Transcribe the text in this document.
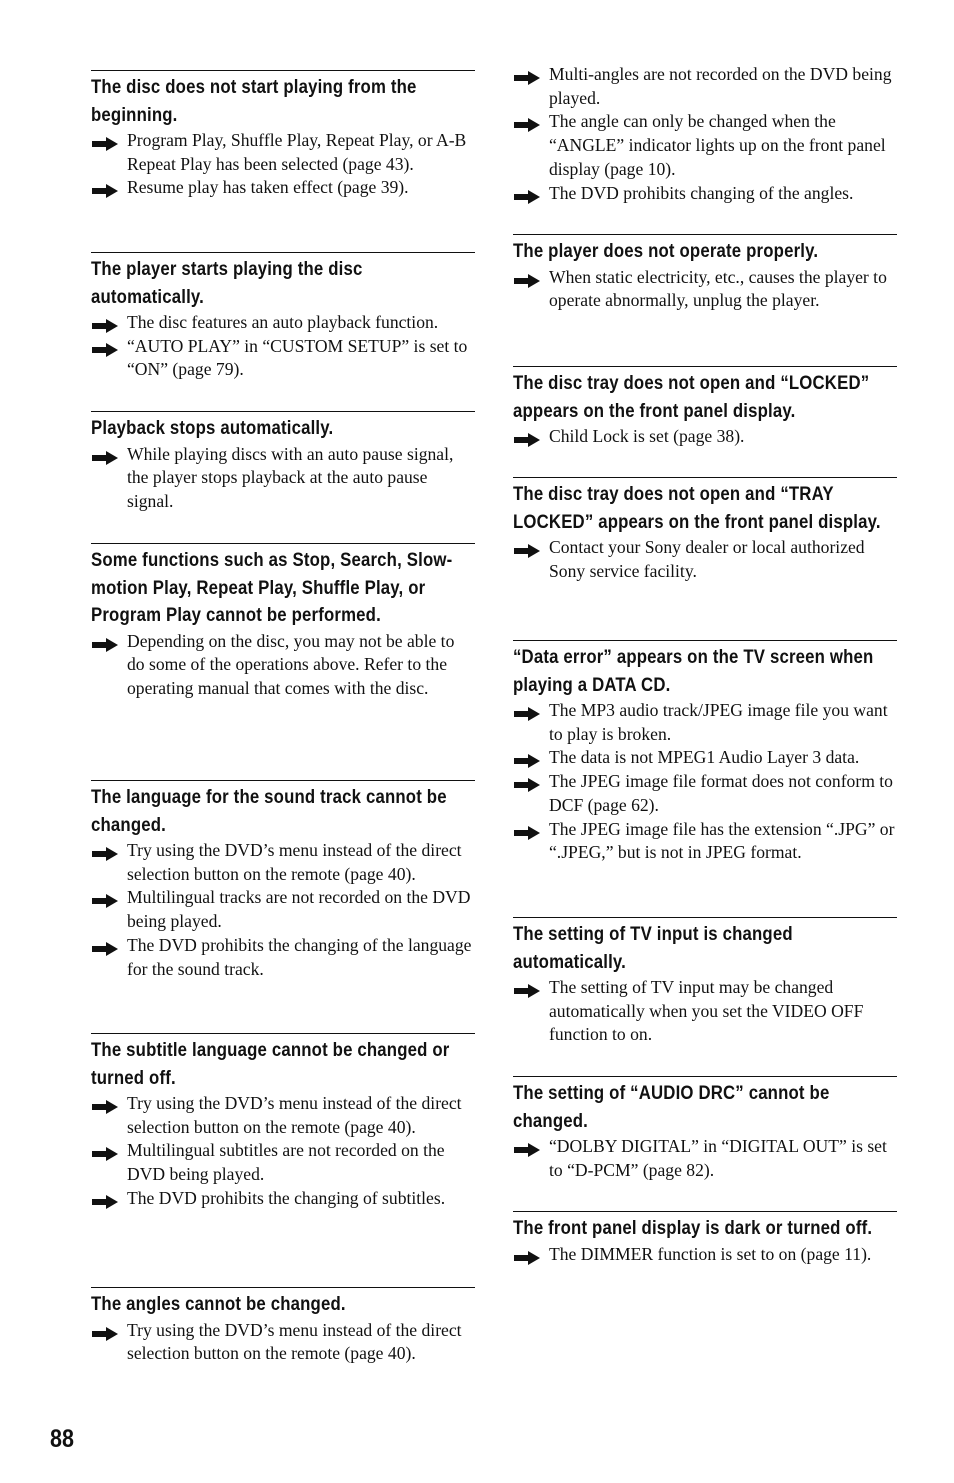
The disc does not start playing from the beginning.
Program Play, Shuffle Play, Repeat Play, or A-B Repeat Play has been selected (page 43).
Resume play has taken effect (page 39).
The player starts playing the disc automatically.
The disc features an auto playback function.
“AUTO PLAY” in “CUSTOM SETUP” is set to “ON” (page 79).
Playback stops automatically.
While playing discs with an auto pause signal, the player stops playback at the auto pause signal.
Some functions such as Stop, Search, Slow-motion Play, Repeat Play, Shuffle Play, or Program Play cannot be performed.
Depending on the disc, you may not be able to do some of the operations above. Refer to the operating manual that comes with the disc.
The language for the sound track cannot be changed.
Try using the DVD’s menu instead of the direct selection button on the remote (page 40).
Multilingual tracks are not recorded on the DVD being played.
The DVD prohibits the changing of the language for the sound track.
The subtitle language cannot be changed or turned off.
Try using the DVD’s menu instead of the direct selection button on the remote (page 40).
Multilingual subtitles are not recorded on the DVD being played.
The DVD prohibits the changing of subtitles.
The angles cannot be changed.
Try using the DVD’s menu instead of the direct selection button on the remote (page 40).
Multi-angles are not recorded on the DVD being played.
The angle can only be changed when the “ANGLE” indicator lights up on the front panel display (page 10).
The DVD prohibits changing of the angles.
The player does not operate properly.
When static electricity, etc., causes the player to operate abnormally, unplug the player.
The disc tray does not open and “LOCKED” appears on the front panel display.
Child Lock is set (page 38).
The disc tray does not open and “TRAY LOCKED” appears on the front panel display.
Contact your Sony dealer or local authorized Sony service facility.
“Data error” appears on the TV screen when playing a DATA CD.
The MP3 audio track/JPEG image file you want to play is broken.
The data is not MPEG1 Audio Layer 3 data.
The JPEG image file format does not conform to DCF (page 62).
The JPEG image file has the extension “.JPG” or “.JPEG,” but is not in JPEG format.
The setting of TV input is changed automatically.
The setting of TV input may be changed automatically when you set the VIDEO OFF function to on.
The setting of “AUDIO DRC” cannot be changed.
“DOLBY DIGITAL” in “DIGITAL OUT” is set to “D-PCM” (page 82).
The front panel display is dark or turned off.
The DIMMER function is set to on (page 11).
88
